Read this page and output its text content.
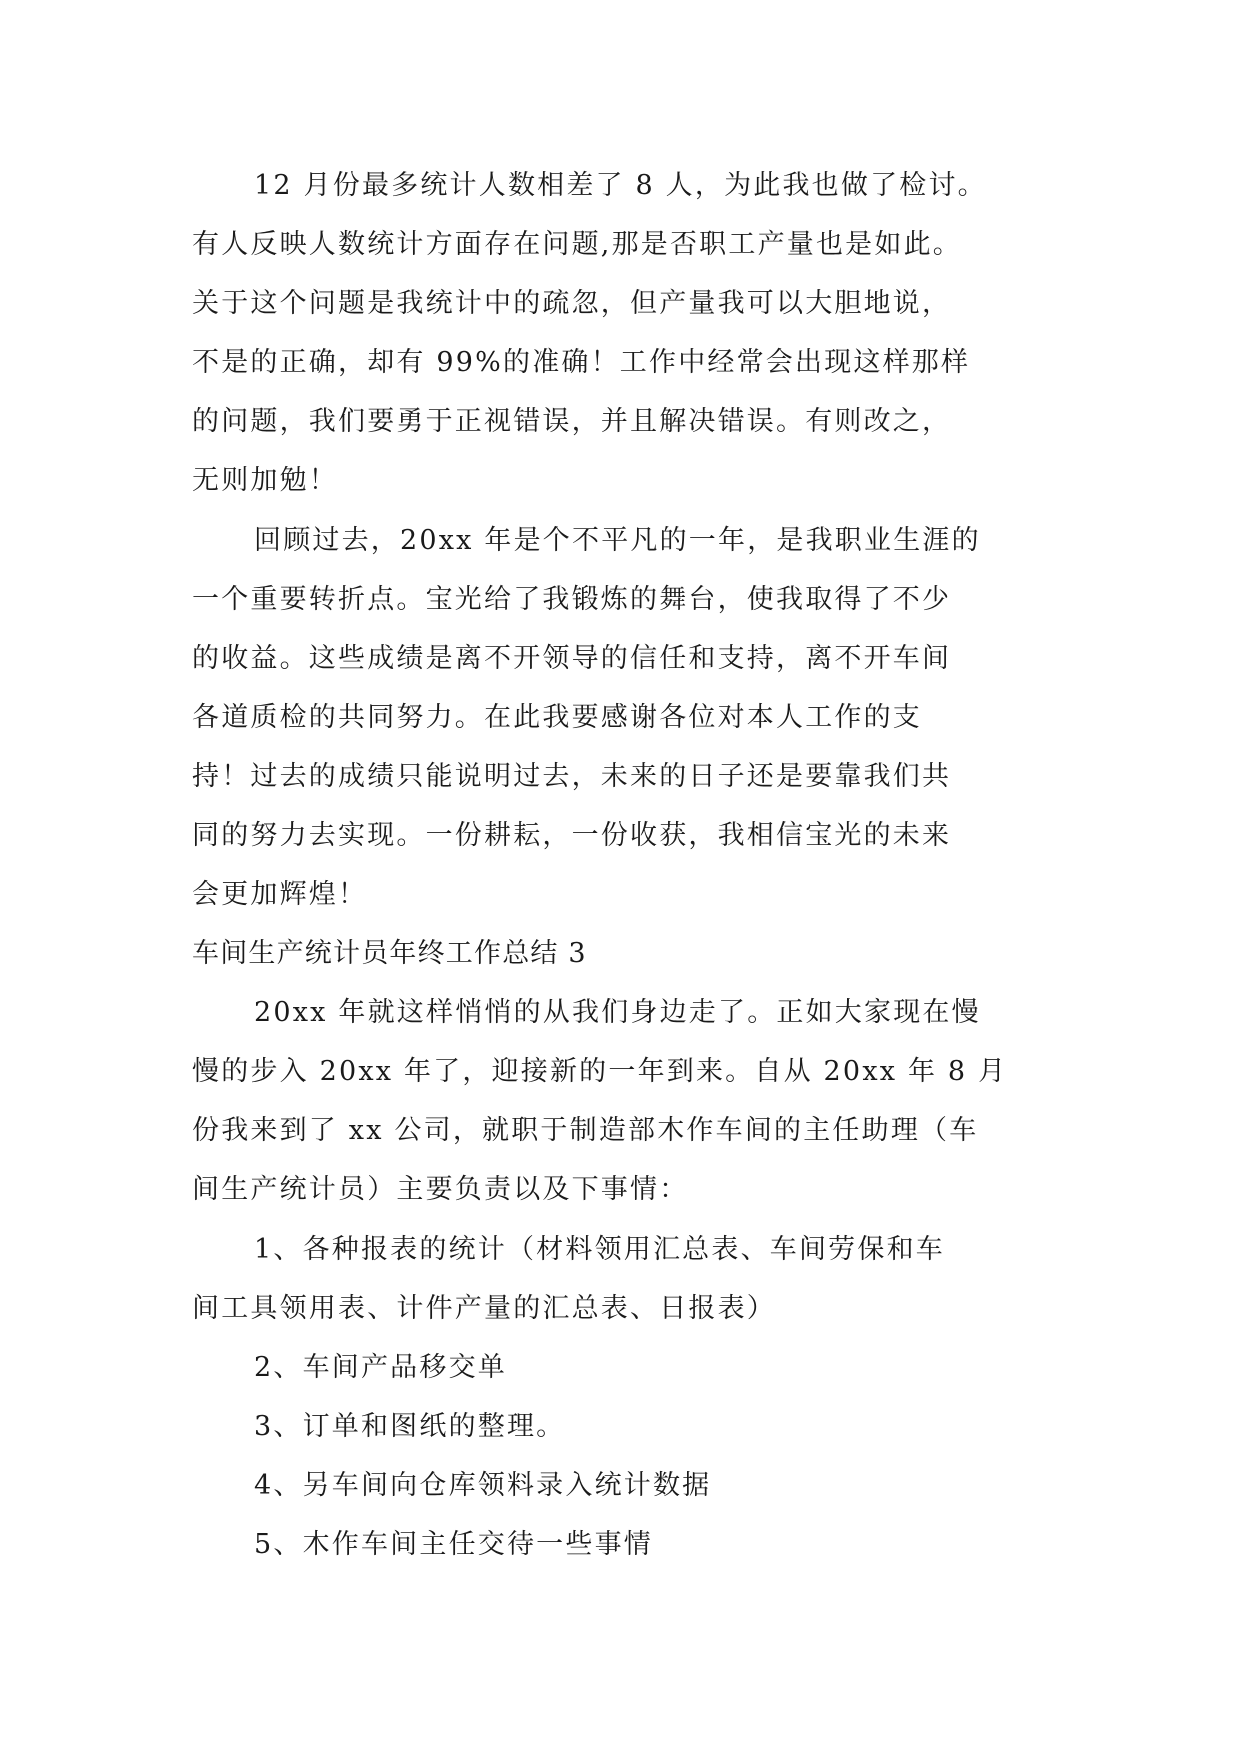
12 月份最多统计人数相差了 8 人，为此我也做了检讨。
有人反映人数统计方面存在问题,那是否职工产量也是如此。
关于这个问题是我统计中的疏忽，但产量我可以大胆地说，
不是的正确，却有 99%的准确！工作中经常会出现这样那样
的问题，我们要勇于正视错误，并且解决错误。有则改之，
无则加勉！
回顾过去，20xx 年是个不平凡的一年，是我职业生涯的
一个重要转折点。宝光给了我锻炼的舞台，使我取得了不少
的收益。这些成绩是离不开领导的信任和支持，离不开车间
各道质检的共同努力。在此我要感谢各位对本人工作的支
持！过去的成绩只能说明过去，未来的日子还是要靠我们共
同的努力去实现。一份耕耘，一份收获，我相信宝光的未来
会更加辉煌！
车间生产统计员年终工作总结 3
20xx 年就这样悄悄的从我们身边走了。正如大家现在慢
慢的步入 20xx 年了，迎接新的一年到来。自从 20xx 年 8 月
份我来到了 xx 公司，就职于制造部木作车间的主任助理（车
间生产统计员）主要负责以及下事情：
1、各种报表的统计（材料领用汇总表、车间劳保和车
间工具领用表、计件产量的汇总表、日报表）
2、车间产品移交单
3、订单和图纸的整理。
4、另车间向仓库领料录入统计数据
5、木作车间主任交待一些事情
